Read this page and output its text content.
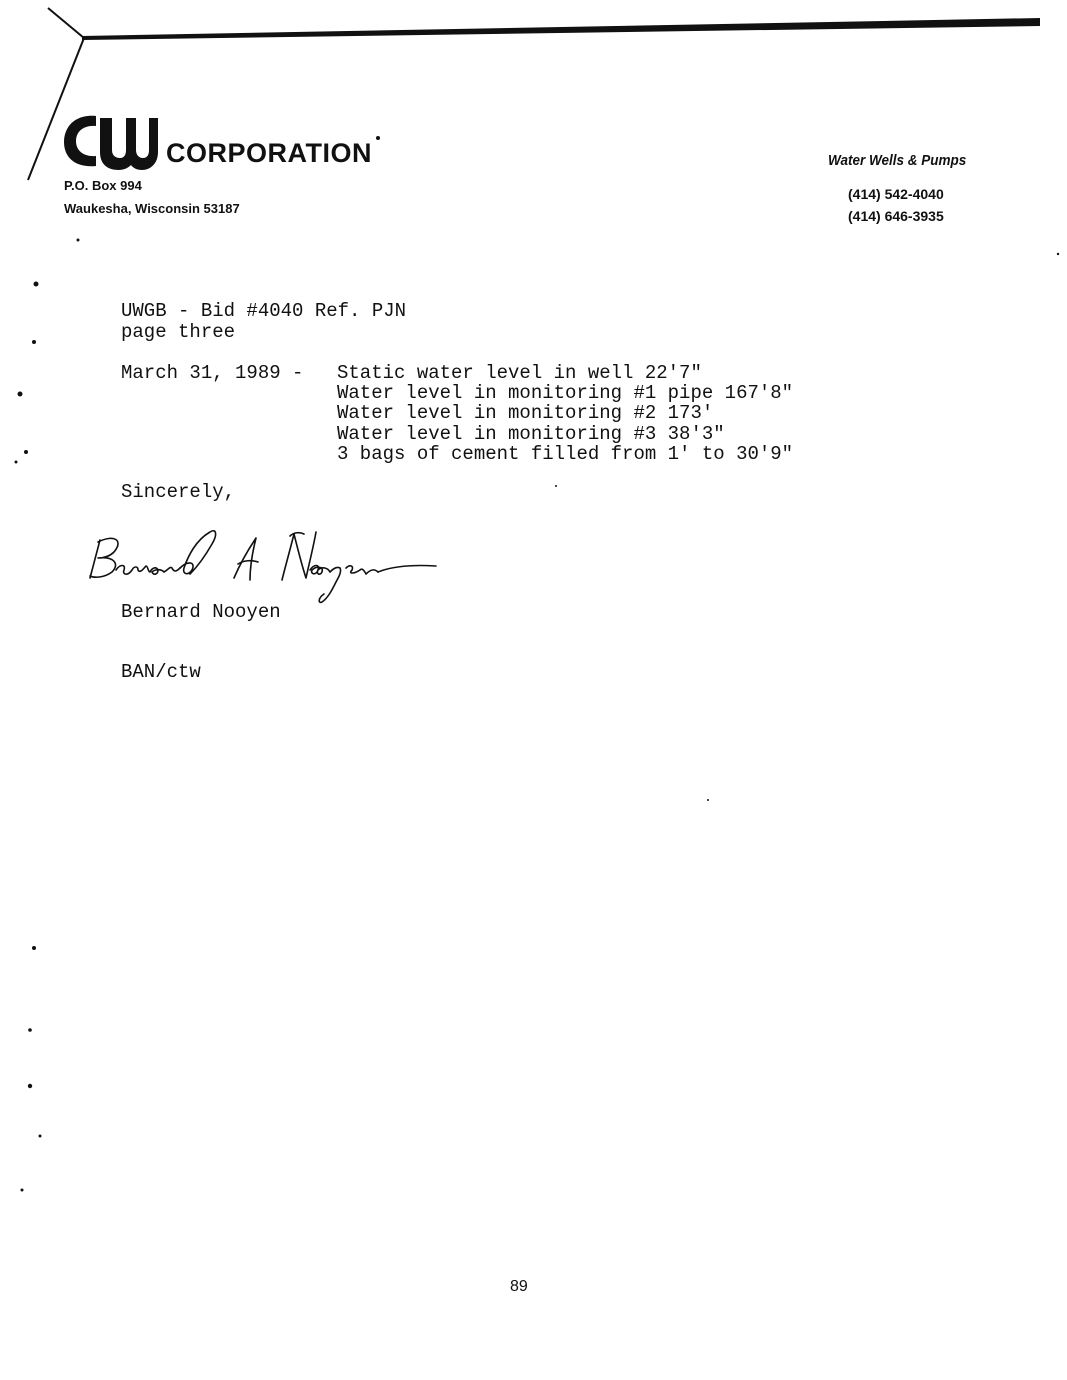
CORPORATION
P.O. Box 994
Waukesha, Wisconsin 53187
Water Wells & Pumps
(414) 542-4040
(414) 646-3935
UWGB - Bid #4040 Ref. PJN
page three
March 31, 1989 - Static water level in well 22'7"
Water level in monitoring #1 pipe 167'8"
Water level in monitoring #2 173'
Water level in monitoring #3 38'3"
3 bags of cement filled from 1' to 30'9"
Sincerely,
Bernard Nooyen
BAN/ctw
89
